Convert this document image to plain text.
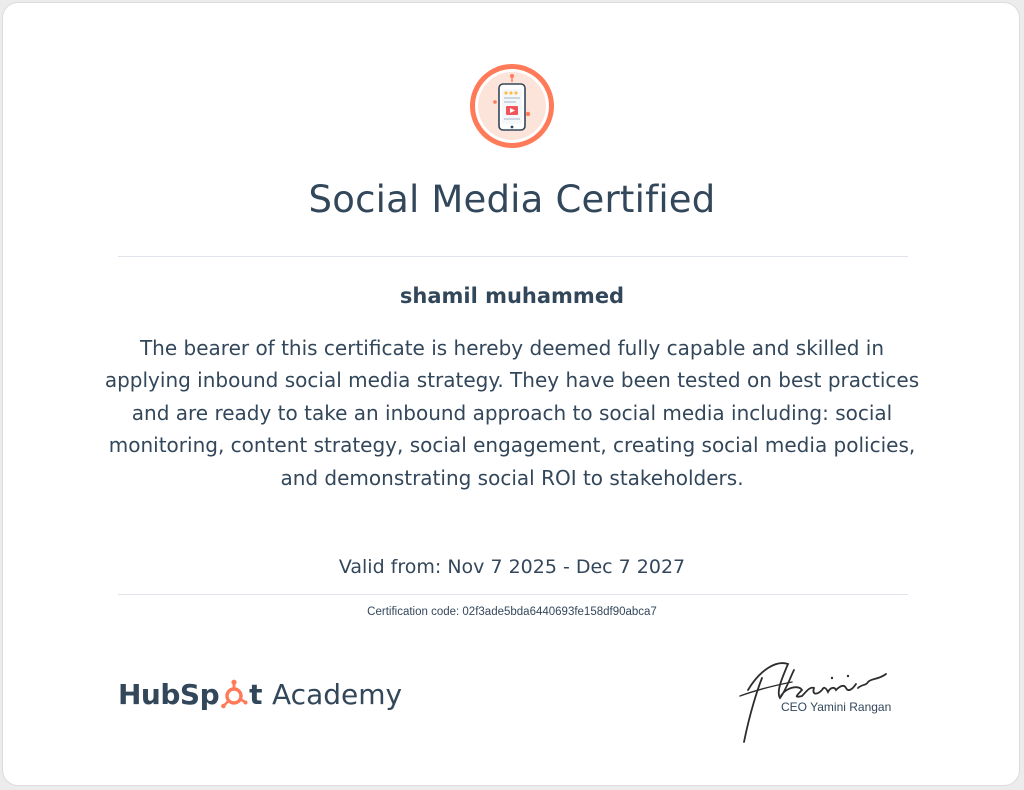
Social Media Certified
shamil muhammed
The bearer of this certificate is hereby deemed fully capable and skilled in applying inbound social media strategy. They have been tested on best practices and are ready to take an inbound approach to social media including: social monitoring, content strategy, social engagement, creating social media policies, and demonstrating social ROI to stakeholders.
Valid from: Nov 7 2025 - Dec 7 2027
Certification code: 02f3ade5bda6440693fe158df90abca7
HubSp t Academy	CEO Yamini Rangan
